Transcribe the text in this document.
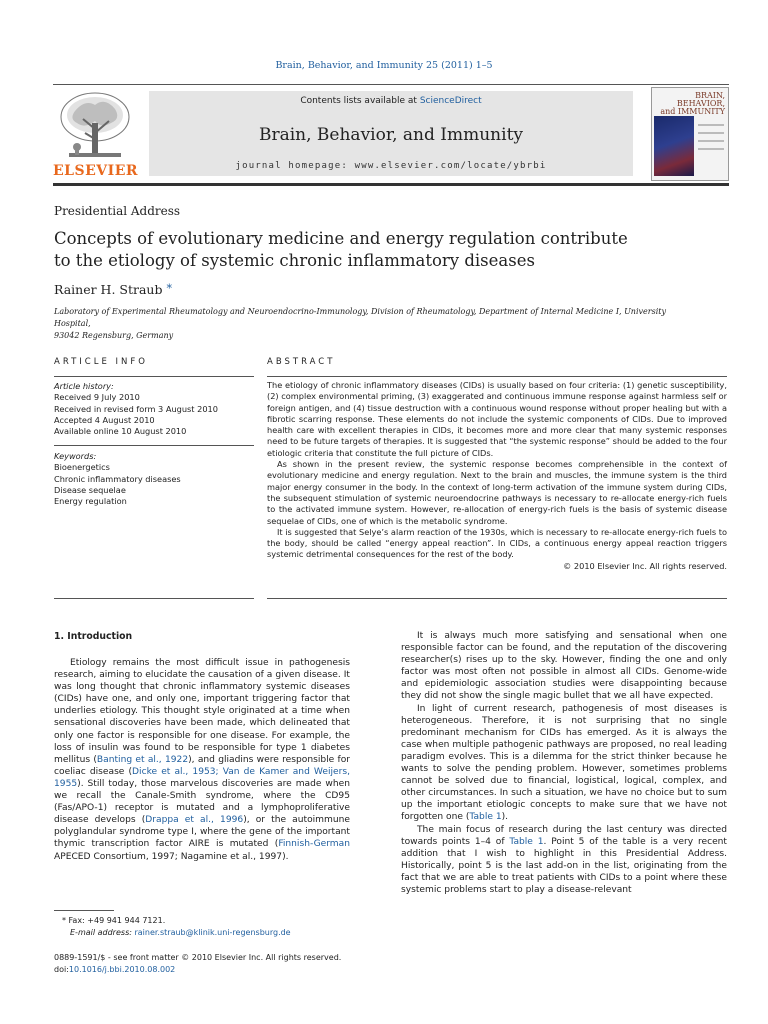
Brain, Behavior, and Immunity 25 (2011) 1–5
ELSEVIER
Contents lists available at ScienceDirect
Brain, Behavior, and Immunity
journal homepage: www.elsevier.com/locate/ybrbi
BRAIN,
BEHAVIOR,
and IMMUNITY
Presidential Address
Concepts of evolutionary medicine and energy regulation contribute
to the etiology of systemic chronic inflammatory diseases
Rainer H. Straub *
Laboratory of Experimental Rheumatology and Neuroendocrino-Immunology, Division of Rheumatology, Department of Internal Medicine I, University Hospital,
93042 Regensburg, Germany
ARTICLE INFO
Article history:
Received 9 July 2010
Received in revised form 3 August 2010
Accepted 4 August 2010
Available online 10 August 2010
Keywords:
Bioenergetics
Chronic inflammatory diseases
Disease sequelae
Energy regulation
ABSTRACT

The etiology of chronic inflammatory diseases (CIDs) is usually based on four criteria: (1) genetic susceptibility, (2) complex environmental priming, (3) exaggerated and continuous immune response against harmless self or foreign antigen, and (4) tissue destruction with a continuous wound response without proper healing but with a fibrotic scarring response. These elements do not include the systemic components of CIDs. Due to improved health care with excellent therapies in CIDs, it becomes more and more clear that many systemic responses need to be future targets of therapies. It is suggested that “the systemic response” should be added to the four etiologic criteria that constitute the full picture of CIDs.

As shown in the present review, the systemic response becomes comprehensible in the context of evolutionary medicine and energy regulation. Next to the brain and muscles, the immune system is the third major energy consumer in the body. In the context of long-term activation of the immune system during CIDs, the subsequent stimulation of systemic neuroendocrine pathways is necessary to re-allocate energy-rich fuels to the activated immune system. However, re-allocation of energy-rich fuels is the basis of systemic disease sequelae of CIDs, one of which is the metabolic syndrome.

It is suggested that Selye’s alarm reaction of the 1930s, which is necessary to re-allocate energy-rich fuels to the body, should be called “energy appeal reaction”. In CIDs, a continuous energy appeal reaction triggers systemic detrimental consequences for the rest of the body.

© 2010 Elsevier Inc. All rights reserved.

1. Introduction

Etiology remains the most difficult issue in pathogenesis research, aiming to elucidate the causation of a given disease. It was long thought that chronic inflammatory systemic diseases (CIDs) have one, and only one, important triggering factor that underlies etiology. This thought style originated at a time when sensational discoveries have been made, which delineated that only one factor is responsible for one disease. For example, the loss of insulin was found to be responsible for type 1 diabetes mellitus (Banting et al., 1922), and gliadins were responsible for coeliac disease (Dicke et al., 1953; Van de Kamer and Weijers, 1955). Still today, those marvelous discoveries are made when we recall the Canale-Smith syndrome, where the CD95 (Fas/APO-1) receptor is mutated and a lymphoproliferative disease develops (Drappa et al., 1996), or the autoimmune polyglandular syndrome type I, where the gene of the important thymic transcription factor AIRE is mutated (Finnish-German APECED Consortium, 1997; Nagamine et al., 1997).

It is always much more satisfying and sensational when one responsible factor can be found, and the reputation of the discovering researcher(s) rises up to the sky. However, finding the one and only factor was most often not possible in almost all CIDs. Genome-wide and epidemiologic association studies were disappointing because they did not show the single magic bullet that we all have expected.

In light of current research, pathogenesis of most diseases is heterogeneous. Therefore, it is not surprising that no single predominant mechanism for CIDs has emerged. As it is always the case when multiple pathogenic pathways are proposed, no real leading paradigm evolves. This is a dilemma for the strict thinker because he wants to solve the pending problem. However, sometimes problems cannot be solved due to financial, logistical, logical, complex, and other circumstances. In such a situation, we have no choice but to sum up the important etiologic concepts to make sure that we have not forgotten one (Table 1).

The main focus of research during the last century was directed towards points 1–4 of Table 1. Point 5 of the table is a very recent addition that I wish to highlight in this Presidential Address. Historically, point 5 is the last add-on in the list, originating from the fact that we are able to treat patients with CIDs to a point where these systemic problems start to play a disease-relevant

* Fax: +49 941 944 7121.
E-mail address: rainer.straub@klinik.uni-regensburg.de
0889-1591/$ - see front matter © 2010 Elsevier Inc. All rights reserved.
doi:10.1016/j.bbi.2010.08.002
